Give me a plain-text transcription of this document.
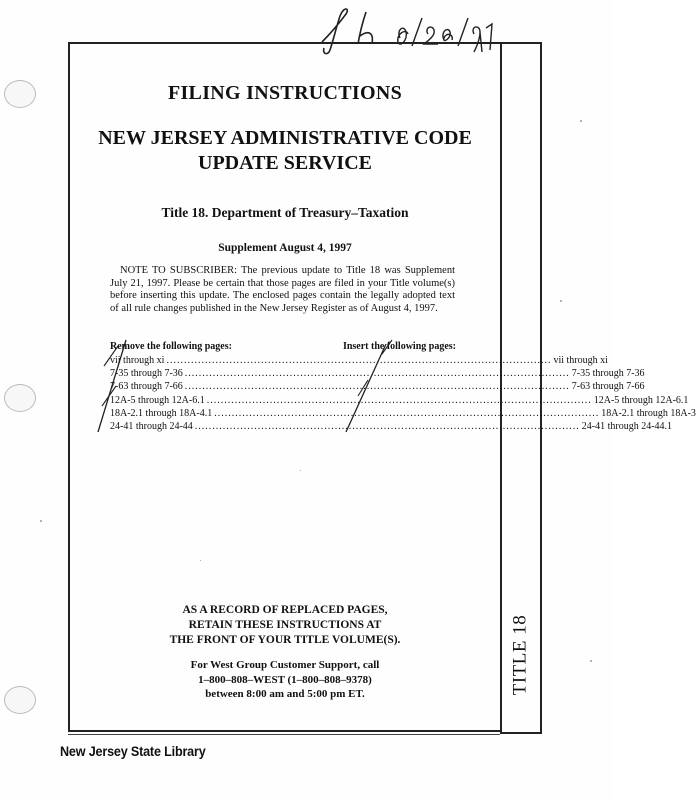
TITLE 18
FILING INSTRUCTIONS
NEW JERSEY ADMINISTRATIVE CODE
UPDATE SERVICE
Title 18. Department of Treasury–Taxation
Supplement August 4, 1997
NOTE TO SUBSCRIBER: The previous update to Title 18 was Supplement July 21, 1997. Please be certain that those pages are filed in your Title volume(s) before inserting this update. The enclosed pages contain the legally adopted text of all rule changes published in the New Jersey Register as of August 4, 1997.
Remove the following pages:	Insert the following pages:
vii through xi .............................................................................................................. vii through xi
7-35 through 7-36 .............................................................................................................. 7-35 through 7-36
7-63 through 7-66 .............................................................................................................. 7-63 through 7-66
12A-5 through 12A-6.1 .............................................................................................................. 12A-5 through 12A-6.1
18A-2.1 through 18A-4.1 .............................................................................................................. 18A-2.1 through 18A-3
24-41 through 24-44 .............................................................................................................. 24-41 through 24-44.1
AS A RECORD OF REPLACED PAGES,
RETAIN THESE INSTRUCTIONS AT
THE FRONT OF YOUR TITLE VOLUME(S).
For West Group Customer Support, call
1–800–808–WEST (1–800–808–9378)
between 8:00 am and 5:00 pm ET.
New Jersey State Library
